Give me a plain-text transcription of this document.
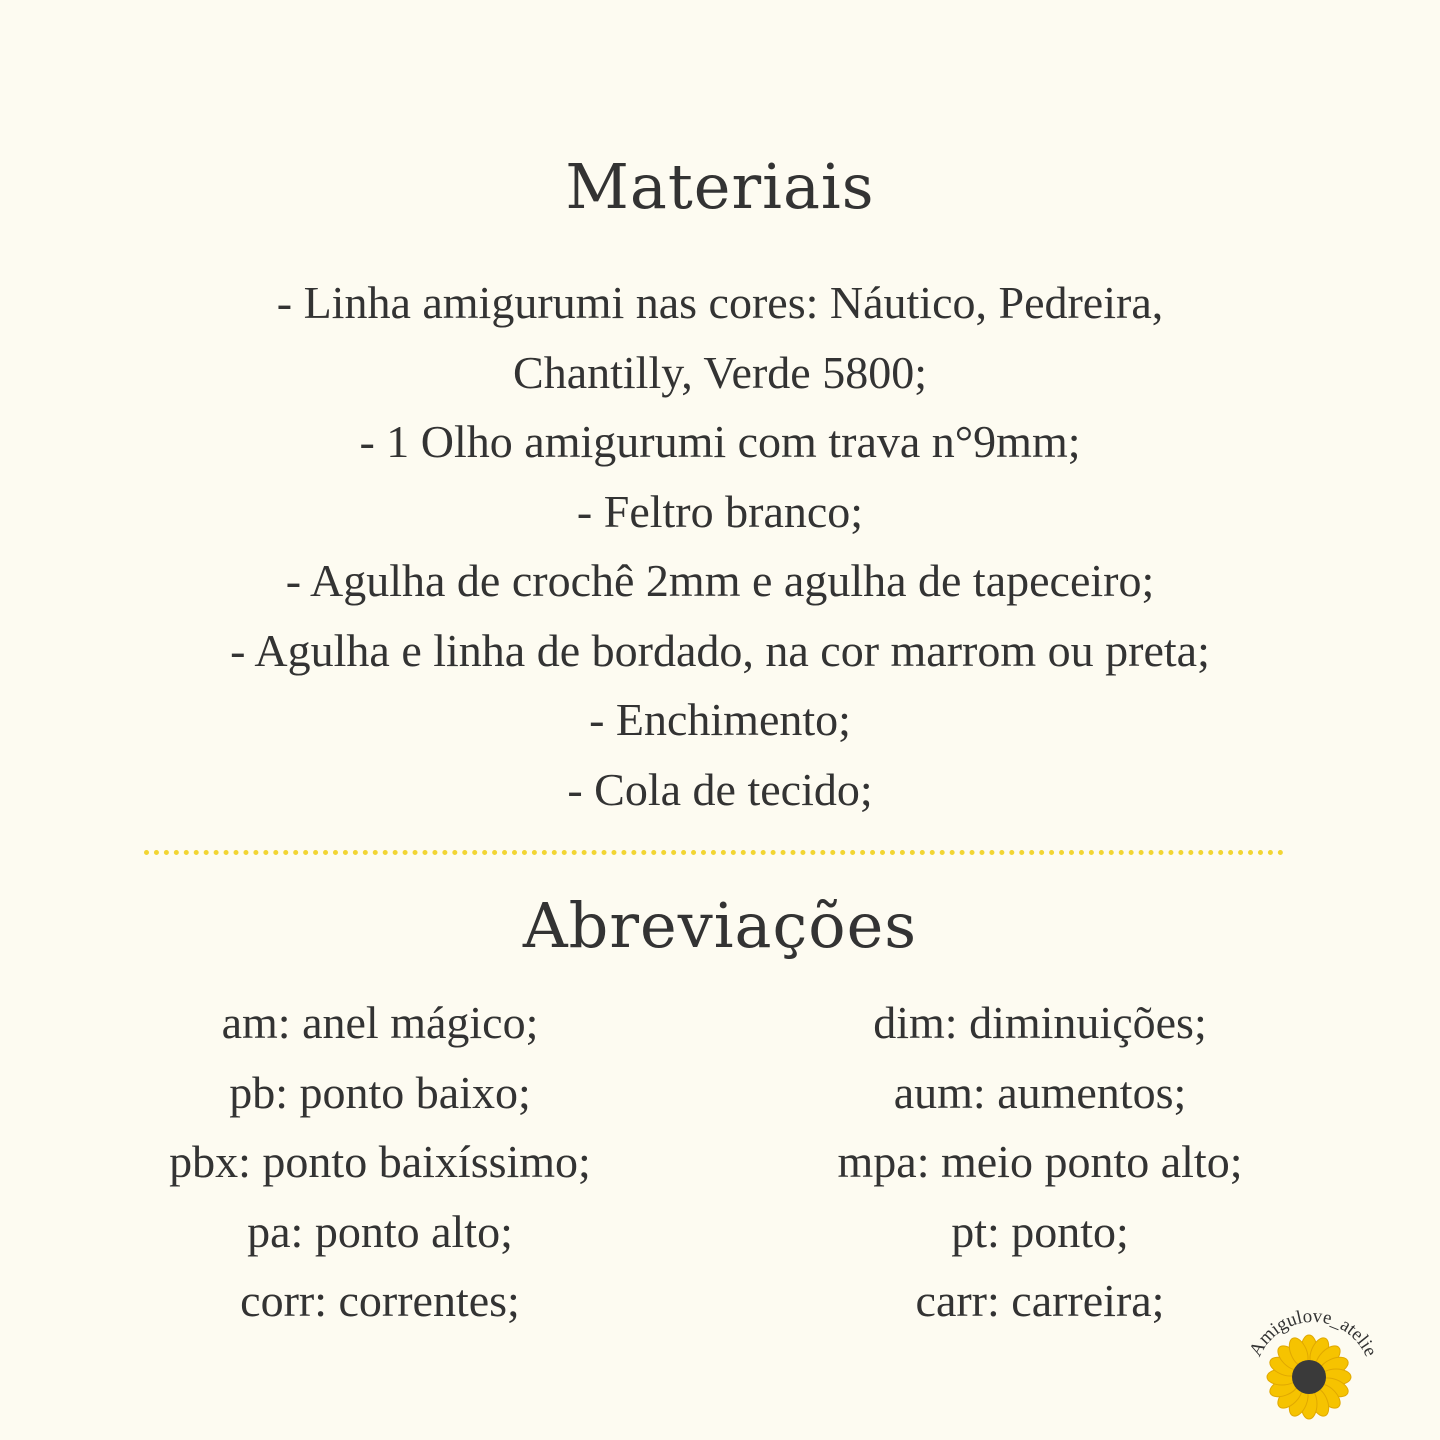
Materiais
- Linha amigurumi nas cores: Náutico, Pedreira,
Chantilly, Verde 5800;
- 1 Olho amigurumi com trava n°9mm;
- Feltro branco;
- Agulha de crochê 2mm e agulha de tapeceiro;
- Agulha e linha de bordado, na cor marrom ou preta;
- Enchimento;
- Cola de tecido;
Abreviações
am: anel mágico;
pb: ponto baixo;
pbx: ponto baixíssimo;
pa: ponto alto;
corr: correntes;
dim: diminuições;
aum: aumentos;
mpa: meio ponto alto;
pt: ponto;
carr: carreira;
Amigulove_atelie
